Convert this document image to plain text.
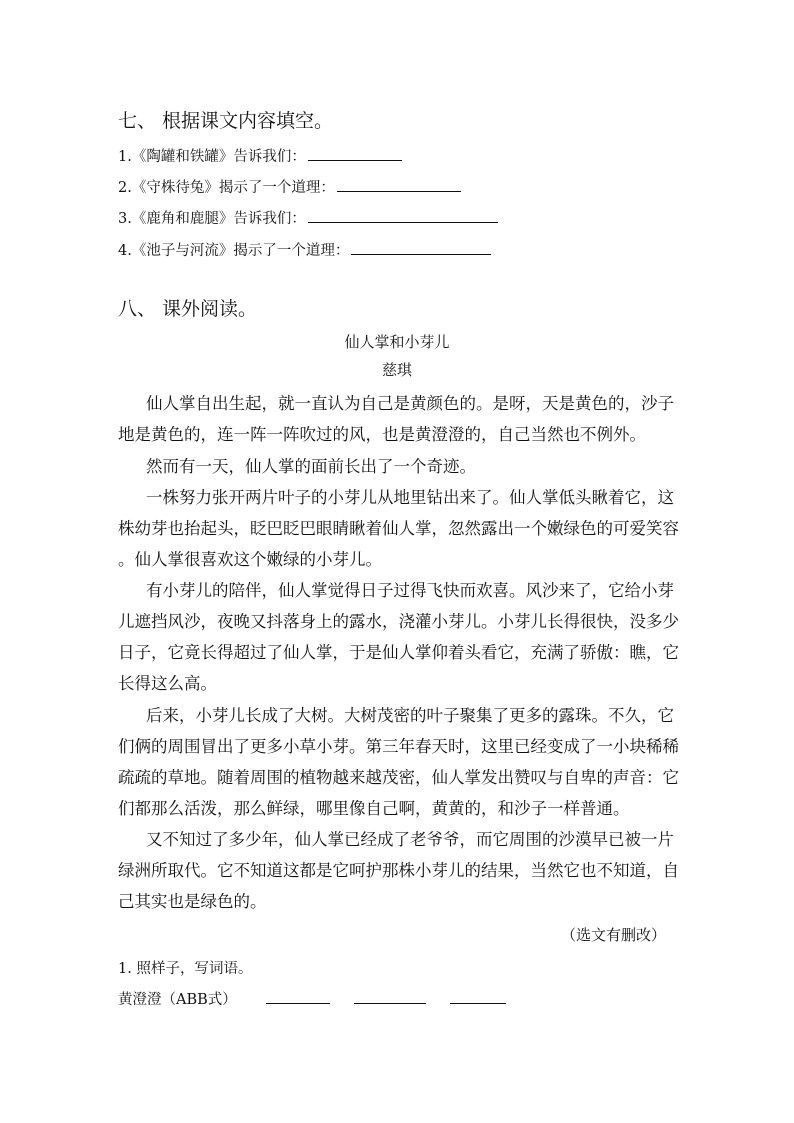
七、 根据课文内容填空。
1.《陶罐和铁罐》告诉我们：
2.《守株待兔》揭示了一个道理：
3.《鹿角和鹿腿》告诉我们：
4.《池子与河流》揭示了一个道理：
八、 课外阅读。
仙人掌和小芽儿
慈琪
仙人掌自出生起，就一直认为自己是黄颜色的。是呀，天是黄色的，沙子
地是黄色的，连一阵一阵吹过的风，也是黄澄澄的，自己当然也不例外。
然而有一天，仙人掌的面前长出了一个奇迹。
一株努力张开两片叶子的小芽儿从地里钻出来了。仙人掌低头瞅着它，这
株幼芽也抬起头，眨巴眨巴眼睛瞅着仙人掌，忽然露出一个嫩绿色的可爱笑容
。仙人掌很喜欢这个嫩绿的小芽儿。
有小芽儿的陪伴，仙人掌觉得日子过得飞快而欢喜。风沙来了，它给小芽
儿遮挡风沙，夜晚又抖落身上的露水，浇灌小芽儿。小芽儿长得很快，没多少
日子，它竟长得超过了仙人掌，于是仙人掌仰着头看它，充满了骄傲：瞧，它
长得这么高。
后来，小芽儿长成了大树。大树茂密的叶子聚集了更多的露珠。不久，它
们俩的周围冒出了更多小草小芽。第三年春天时，这里已经变成了一小块稀稀
疏疏的草地。随着周围的植物越来越茂密，仙人掌发出赞叹与自卑的声音：它
们都那么活泼，那么鲜绿，哪里像自己啊，黄黄的，和沙子一样普通。
又不知过了多少年，仙人掌已经成了老爷爷，而它周围的沙漠早已被一片
绿洲所取代。它不知道这都是它呵护那株小芽儿的结果，当然它也不知道，自
己其实也是绿色的。
（选文有删改）
1. 照样子，写词语。
黄澄澄（ABB式）
